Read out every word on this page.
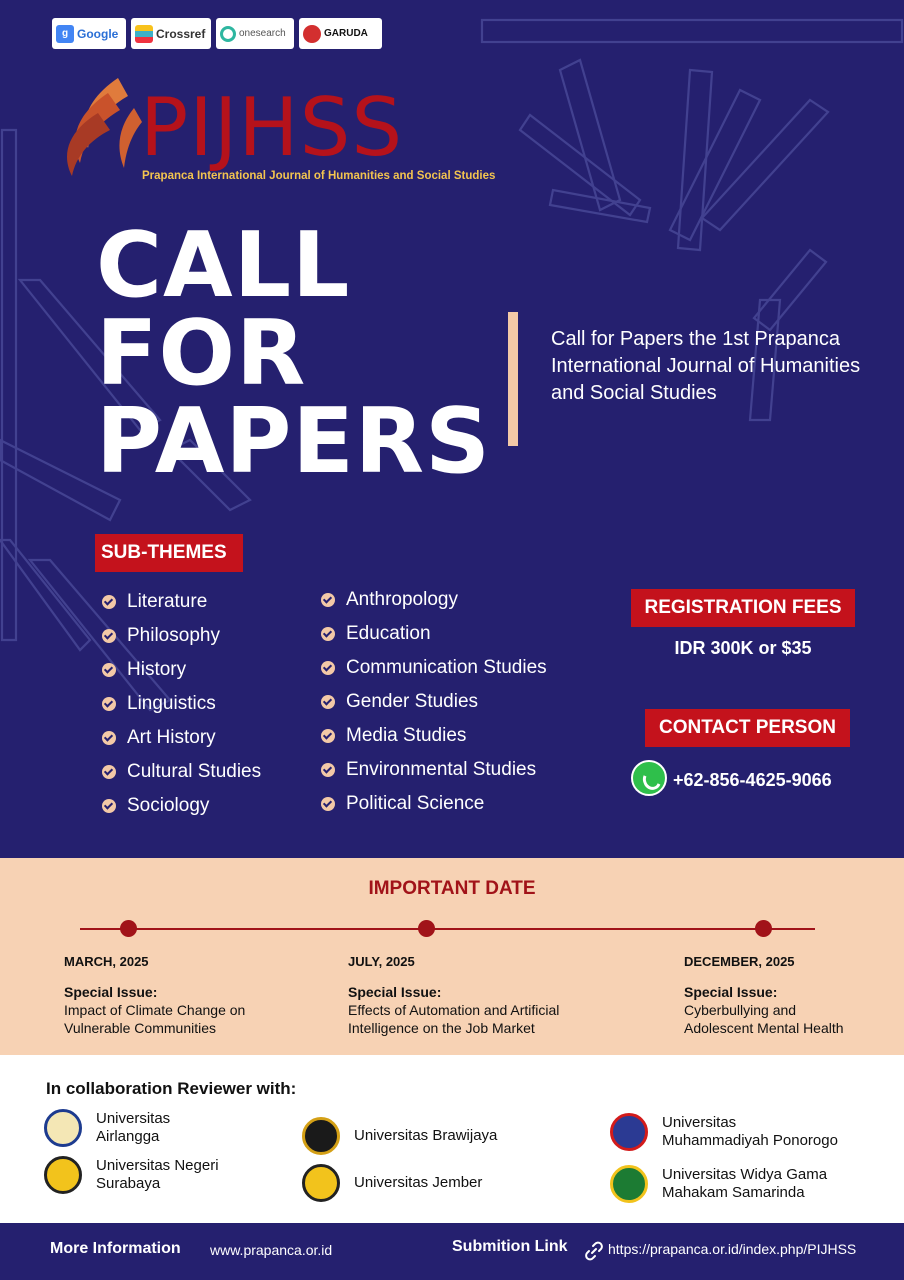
g Google	Crossref	onesearch	GARUDA
PIJHSS
Prapanca International Journal of Humanities and Social Studies
CALL
FOR
PAPERS
Call for Papers the 1st Prapanca International Journal of Humanities and Social Studies
SUB-THEMES
Literature
Philosophy
History
Linguistics
Art History
Cultural Studies
Sociology
Anthropology
Education
Communication Studies
Gender Studies
Media Studies
Environmental Studies
Political Science
REGISTRATION FEES
IDR 300K or $35
CONTACT PERSON
+62-856-4625-9066
IMPORTANT DATE
MARCH, 2025
Special Issue:
Impact of Climate Change on
Vulnerable Communities
JULY, 2025
Special Issue:
Effects of Automation and Artificial
Intelligence on the Job Market
DECEMBER, 2025
Special Issue:
Cyberbullying and
Adolescent Mental Health
In collaboration Reviewer with:
Universitas
Airlangga
Universitas Negeri
Surabaya
Universitas Brawijaya
Universitas Jember
Universitas
Muhammadiyah Ponorogo
Universitas Widya Gama
Mahakam Samarinda
More Information www.prapanca.or.id	Submition Link	https://prapanca.or.id/index.php/PIJHSS
